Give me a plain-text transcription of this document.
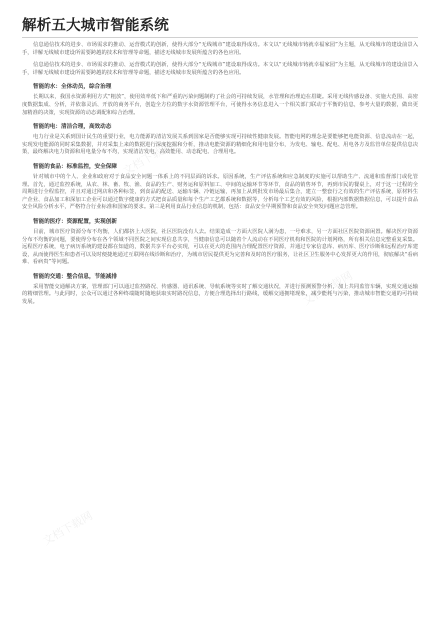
解析五大城市智能系统

信息通信技术的进步、市场需求的推动、运营模式的创新，使得大部分“无线城市”建设取得成功。本文以“无线城市铸就幸福家园”为主题，从无线城市的建设前景入手，详解无线城市建设所需要跨越的技术和管理等命题，描述无线城市发展所蕴含的各色应用。

信息通信技术的进步、市场需求的推动、运营模式的创新，使得大部分“无线城市”建设取得成功。本文以“无线城市铸就幸福家园”为主题，从无线城市的建设前景入手，详解无线城市建设所需要跨越的技术和管理等命题，描述无线城市发展所蕴含的各色应用。

智能的水：全体动员，综合治理

长期以来，我国水资源利用方式“粗放”，使用效率低下和严重的污染问题制约了社会的可持续发展，水管理和治理迫在眉睫。采用无线传感设备、实施大范围、高密度数据集成、分析，并依靠灵活、开放的商务平台，创造全方位的数字水资源管理平台，可使得水务信息进入一个相关部门联动于平衡的信息，参考大量的数据，做出更加精准的决策，实现资源的动态调配和综合治理。

智能的电：清洁合理，高效动态

电力行业是关系到国计民生的重要行业，电力能源的清洁发展关系到国家是否能够实现可持续性健康发展。智能电网的理念是要能够把电能资源、信息流动在一起，实现发电能源的同时采集数据，并对采集上来的数据进行深度挖掘和分析，推动电能资源的精细化和用电量分布，为发电、输电、配电、用电各方及监管单位提供信息决策，最终解决电力资源和用电量分布不均，实现清洁发电、高效能用、动态配电、合理用电。

智能的食品：标准监控，安全保障

针对城市中的个人、企业和政府对于食品安全问题一体系上的不同层面的诉求。原因系统，生产评估系统和应急制度的实施可以帮助生产、流通和监督部门或化管理。首先，通过监控系统，从农、林、畜、牧、渔、食品的生产、财务运和原料加工、中间的运输环节等环节，食品的销售环节，再到市民的餐桌上，对于这一过程的全周期进行全程监控，并且对通过网店和各种标签，到食品的配送、运输车辆、冷链运输，再加上从到批发市场最后集合，建立一整套行之有效的生产评估系统，原材料生产企业、食品加工和深加工企业可以通过数字健康的方式把食品质量和每个生产工艺都系统和数据等，分析每个工艺有效的风险，根据内部数据数据信息，可以提升食品安全风险分析水平，严格符合行业标准和国家的要求。第三是利用食品行业信息的机制，包括：食品安全早期预警和食品安全突发问题应急管理。

智能的医疗：资源配置，实现创新

目前，城市医疗资源分布不均衡，人们都挤上大医院，社区医院没有人去。结果造成一方面大医院人满为患，一号难求，另一方面社区医院资源闲置。解决医疗资源分布不均衡的问题，要使得分布在各个领域不同医院之间实现信息共享，当健康信息可以随着个人流动在不同医疗机构和医院的计划网络，所有相关信息完整重复采集。远程医疗系统，电子病历系统的建设都在知道的，数据共享平台必实现，可以在更大的范围内合理配置医疗资源，并通过专家信息库、病历库、医疗诊断和远程治疗库建设，从而使得医生和患者可以及时便捷地通过互联网在线诊断和治疗，为城市居民提供更为完善和及时的医疗服务，让社区卫生服务中心发挥更大的作用，彻底解决“看病难、看病贵”等问题。

智能的交通：整合信息，节能减排

采用智能交通解决方案，管理部门可以通过监控路况、传感器、通讯系统、导航系统等实时了解交通状况，并进行预测预警分析，加上共同监管车辆，实现交通运输的精细管理。与此同时，公众可以通过各种终端随时随地获取实时路况信息，方便合理选择出行路线，缓解交通拥堵现象，减少能耗与污染，推动城市智能交通的可持续发展。

文档下载网
文档下载网
文档下载网
